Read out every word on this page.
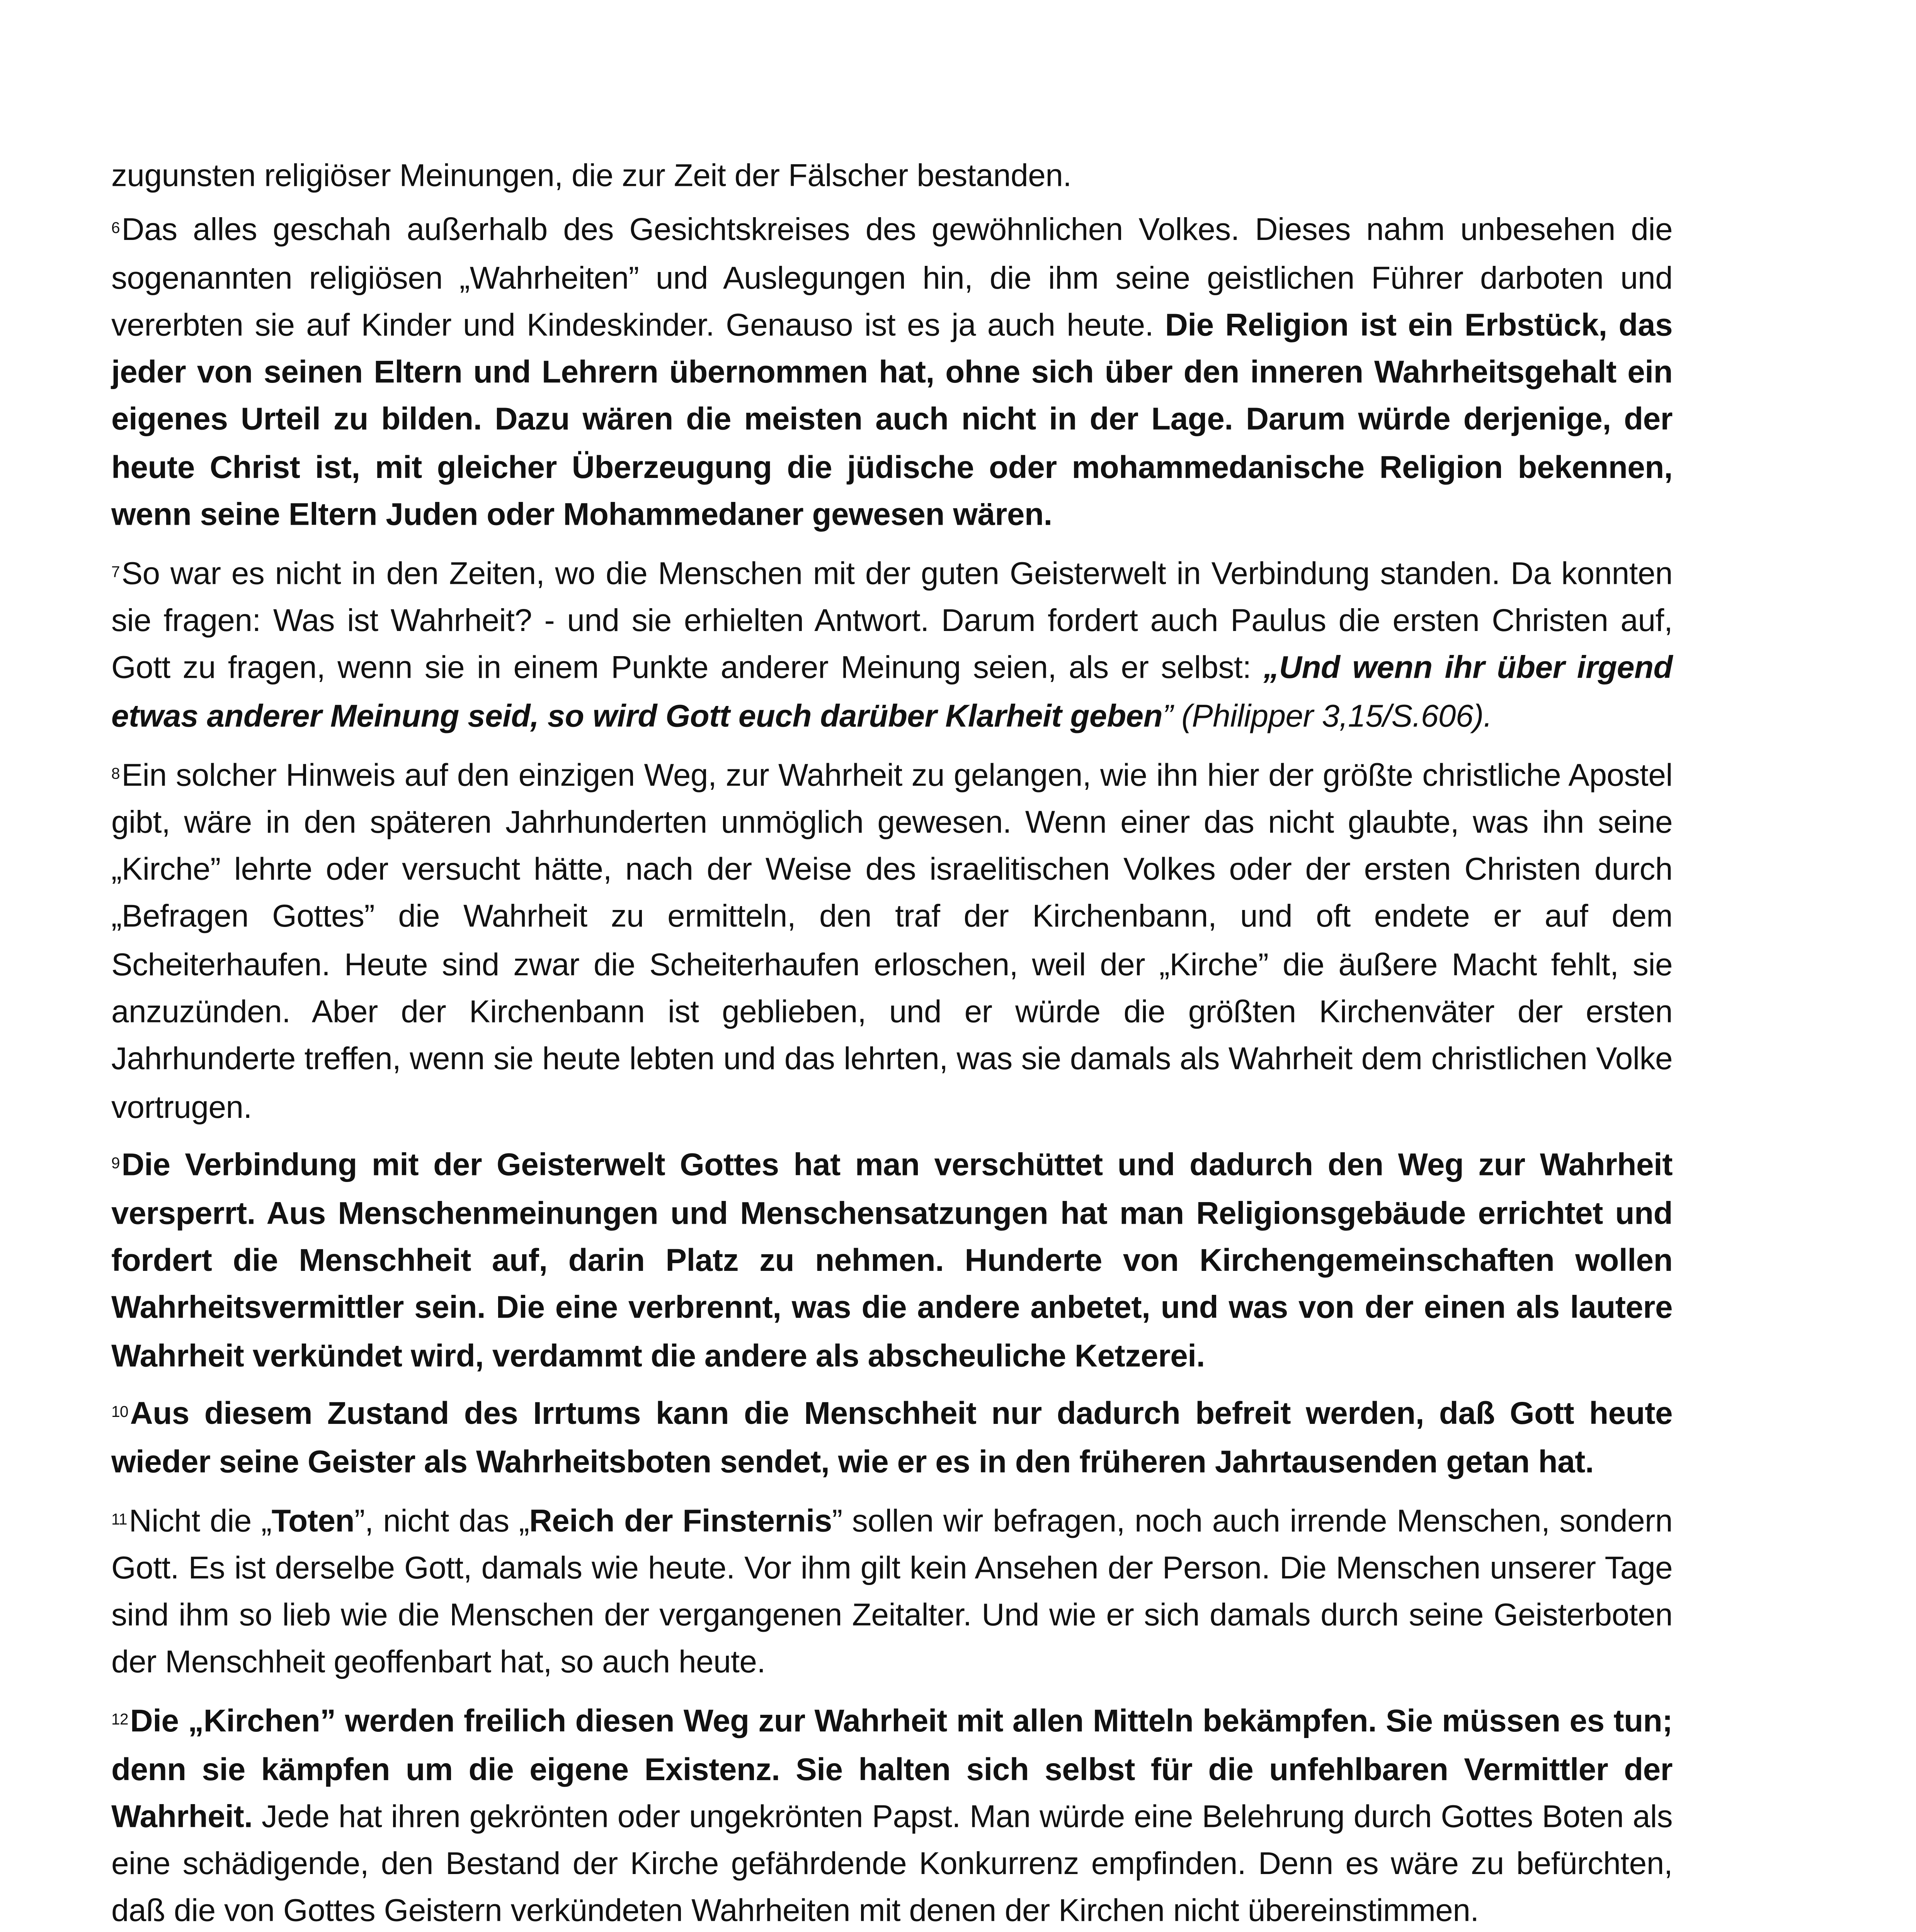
zugunsten religiöser Meinungen, die zur Zeit der Fälscher bestanden.

$^6$ Das alles geschah außerhalb des Gesichtskreises des gewöhnlichen Volkes. Dieses nahm unbesehen die sogenannten religiösen „Wahrheiten” und Auslegungen hin, die ihm seine geistlichen Führer darboten und vererbten sie auf Kinder und Kindeskinder. Genauso ist es ja auch heute. Die Religion ist ein Erbstück, das jeder von seinen Eltern und Lehrern übernommen hat, ohne sich über den inneren Wahrheitsgehalt ein eigenes Urteil zu bilden. Dazu wären die meisten auch nicht in der Lage. Darum würde derjenige, der heute Christ ist, mit gleicher Überzeugung die jüdische oder mohammedanische Religion bekennen, wenn seine Eltern Juden oder Mohammedaner gewesen wären.

$^7$ So war es nicht in den Zeiten, wo die Menschen mit der guten Geisterwelt in Verbindung standen. Da konnten sie fragen: Was ist Wahrheit? - und sie erhielten Antwort. Darum fordert auch Paulus die ersten Christen auf, Gott zu fragen, wenn sie in einem Punkte anderer Meinung seien, als er selbst: „Und wenn ihr über irgend etwas anderer Meinung seid, so wird Gott euch darüber Klarheit geben” (Philipper 3,15/S.606).

$^8$ Ein solcher Hinweis auf den einzigen Weg, zur Wahrheit zu gelangen, wie ihn hier der größte christliche Apostel gibt, wäre in den späteren Jahrhunderten unmöglich gewesen. Wenn einer das nicht glaubte, was ihn seine „Kirche” lehrte oder versucht hätte, nach der Weise des israelitischen Volkes oder der ersten Christen durch „Befragen Gottes” die Wahrheit zu ermitteln, den traf der Kirchenbann, und oft endete er auf dem Scheiterhaufen. Heute sind zwar die Scheiterhaufen erloschen, weil der „Kirche” die äußere Macht fehlt, sie anzuzünden. Aber der Kirchenbann ist geblieben, und er würde die größten Kirchenväter der ersten Jahrhunderte treffen, wenn sie heute lebten und das lehrten, was sie damals als Wahrheit dem christlichen Volke vortrugen.

$^9$ Die Verbindung mit der Geisterwelt Gottes hat man verschüttet und dadurch den Weg zur Wahrheit versperrt. Aus Menschenmeinungen und Menschensatzungen hat man Religionsgebäude errichtet und fordert die Menschheit auf, darin Platz zu nehmen. Hunderte von Kirchengemeinschaften wollen Wahrheitsvermittler sein. Die eine verbrennt, was die andere anbetet, und was von der einen als lautere Wahrheit verkündet wird, verdammt die andere als abscheuliche Ketzerei.

$^{10}$ Aus diesem Zustand des Irrtums kann die Menschheit nur dadurch befreit werden, daß Gott heute wieder seine Geister als Wahrheitsboten sendet, wie er es in den früheren Jahrtausenden getan hat.

$^{11}$ Nicht die „Toten”, nicht das „Reich der Finsternis” sollen wir befragen, noch auch irrende Menschen, sondern Gott. Es ist derselbe Gott, damals wie heute. Vor ihm gilt kein Ansehen der Person. Die Menschen unserer Tage sind ihm so lieb wie die Menschen der vergangenen Zeitalter. Und wie er sich damals durch seine Geisterboten der Menschheit geoffenbart hat, so auch heute.

$^{12}$ Die „Kirchen” werden freilich diesen Weg zur Wahrheit mit allen Mitteln bekämpfen. Sie müssen es tun; denn sie kämpfen um die eigene Existenz. Sie halten sich selbst für die unfehlbaren Vermittler der Wahrheit. Jede hat ihren gekrönten oder ungekrönten Papst. Man würde eine Belehrung durch Gottes Boten als eine schädigende, den Bestand der Kirche gefährdende Konkurrenz empfinden. Denn es wäre zu befürchten, daß die von Gottes Geistern verkündeten Wahrheiten mit denen der Kirchen nicht übereinstimmen.
